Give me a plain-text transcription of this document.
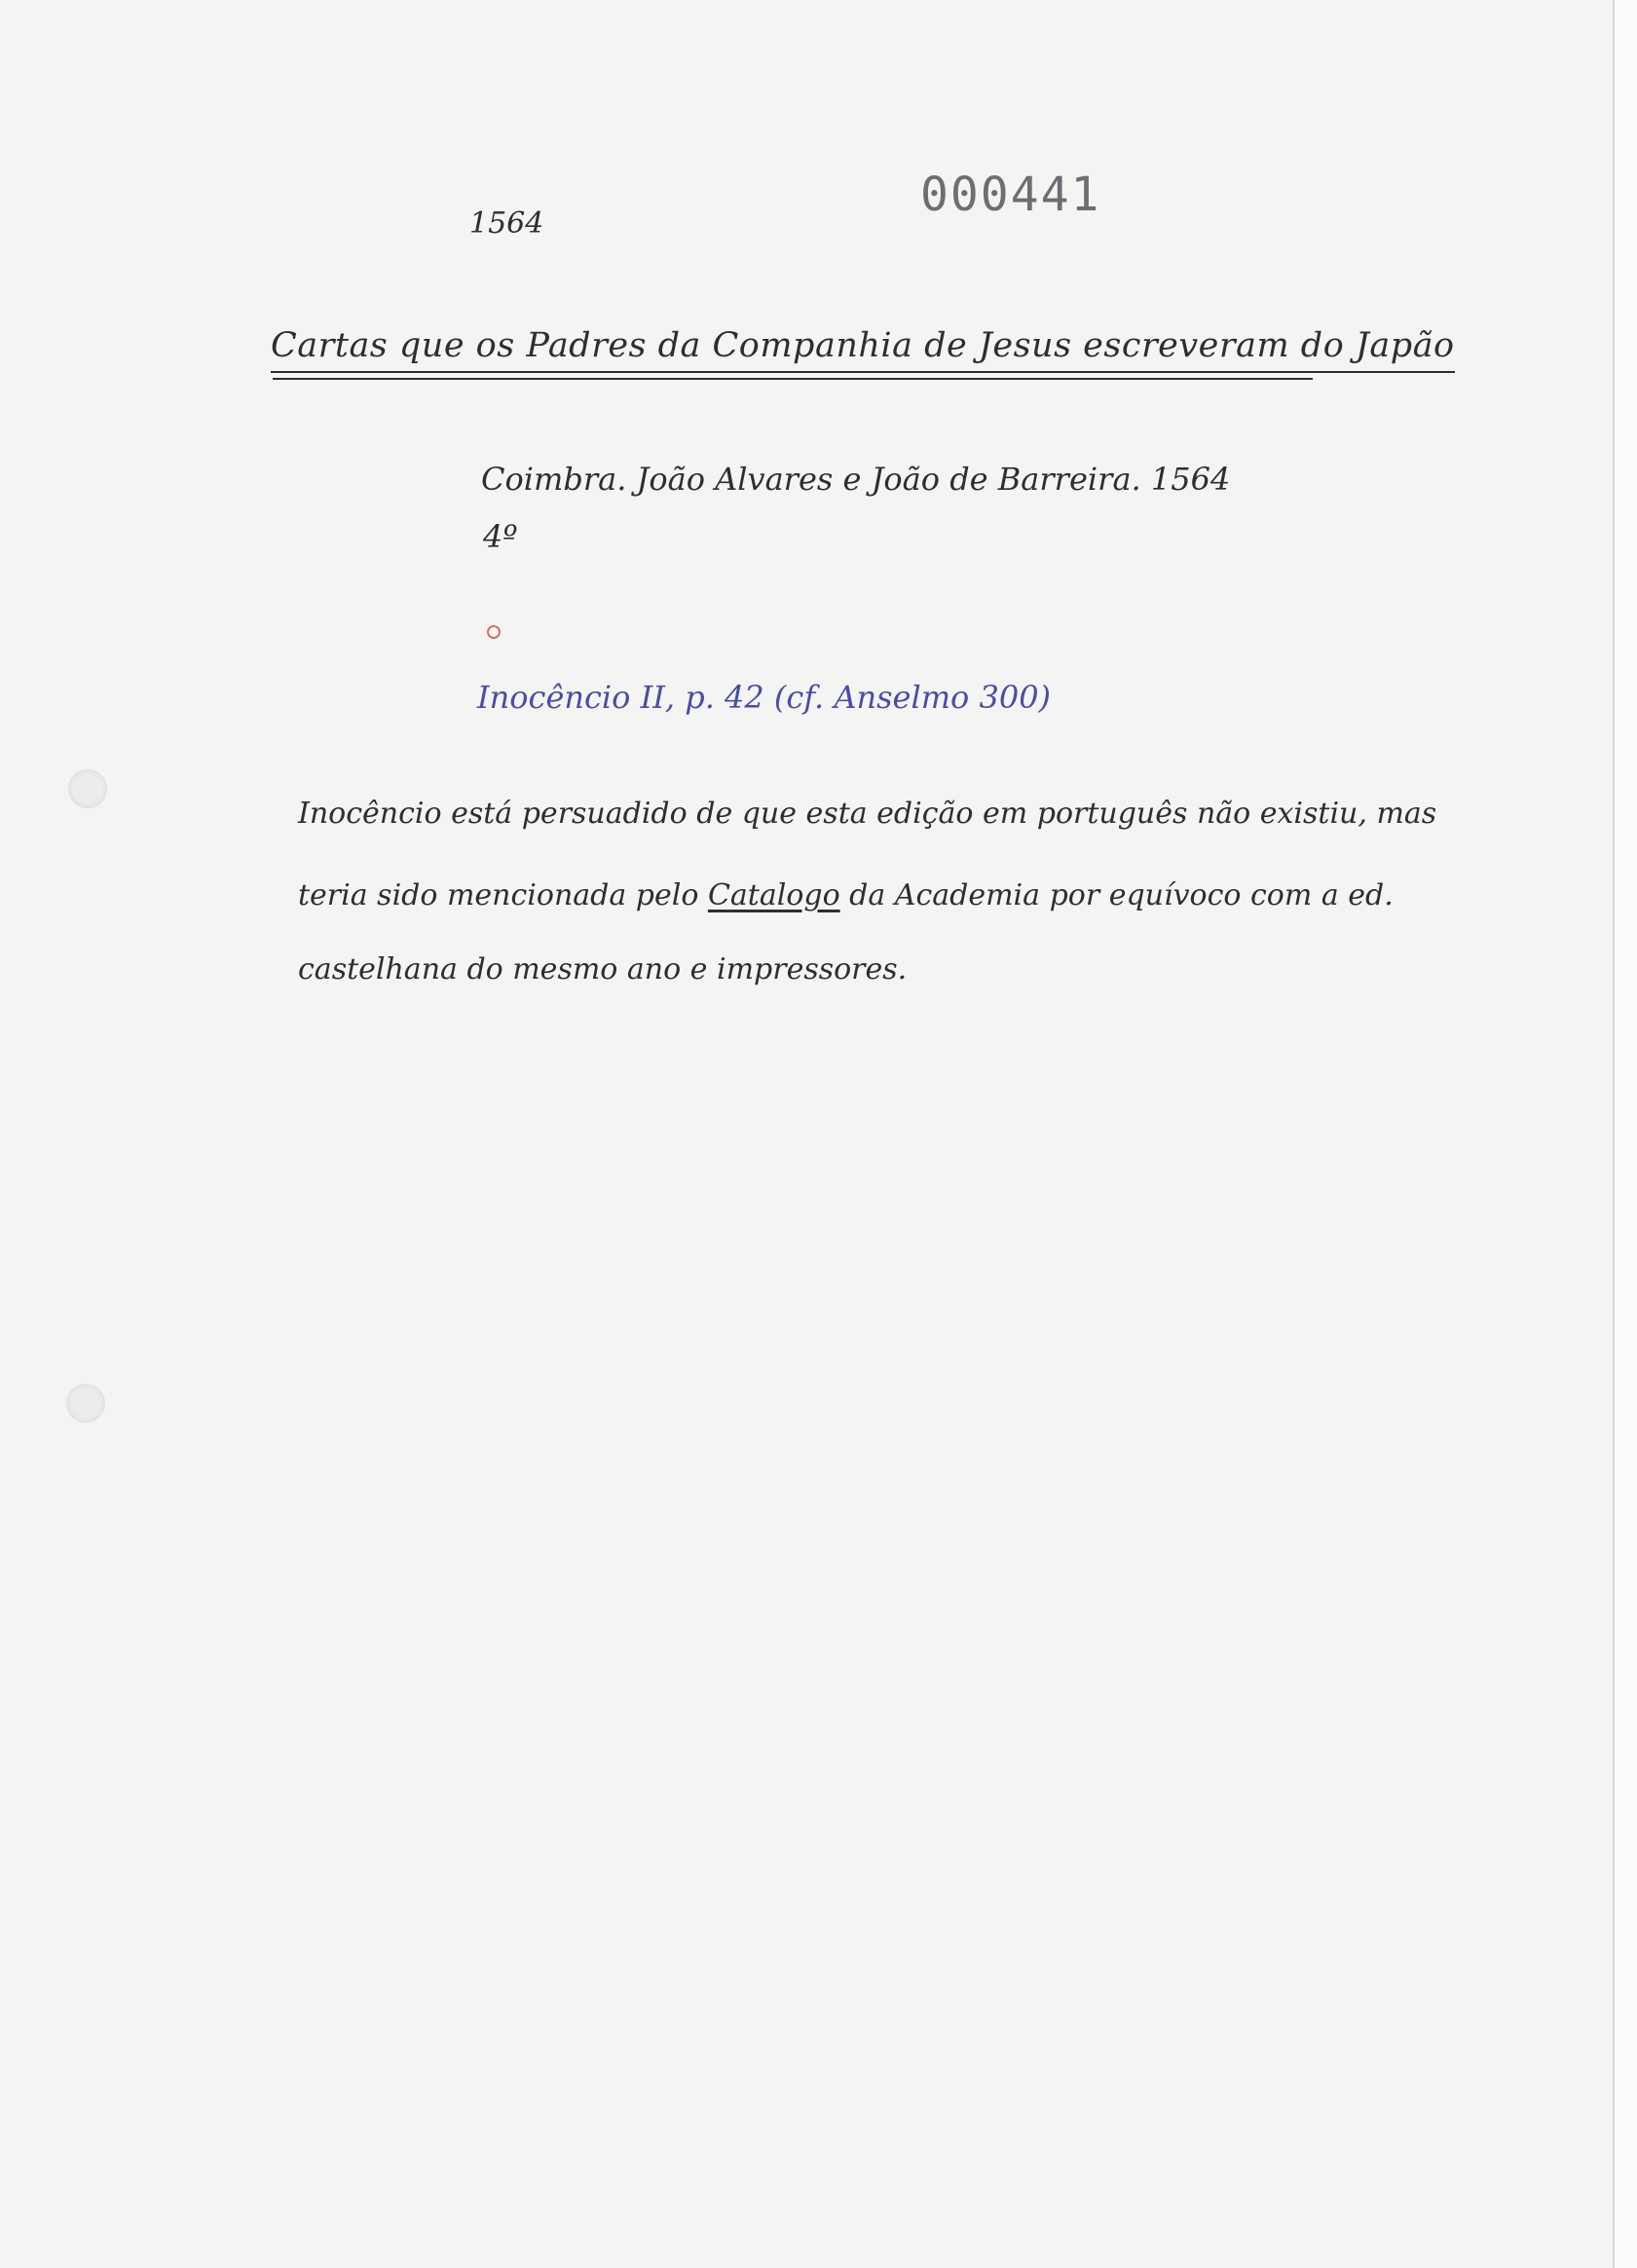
1564
000441
Cartas que os Padres da Companhia de Jesus escreveram do Japão
Coimbra. João Alvares e João de Barreira. 1564
4º
Inocêncio II, p. 42 (cf. Anselmo 300)
Inocêncio está persuadido de que esta edição em português não existiu, mas
teria sido mencionada pelo Catalogo da Academia por equívoco com a ed.
castelhana do mesmo ano e impressores.
